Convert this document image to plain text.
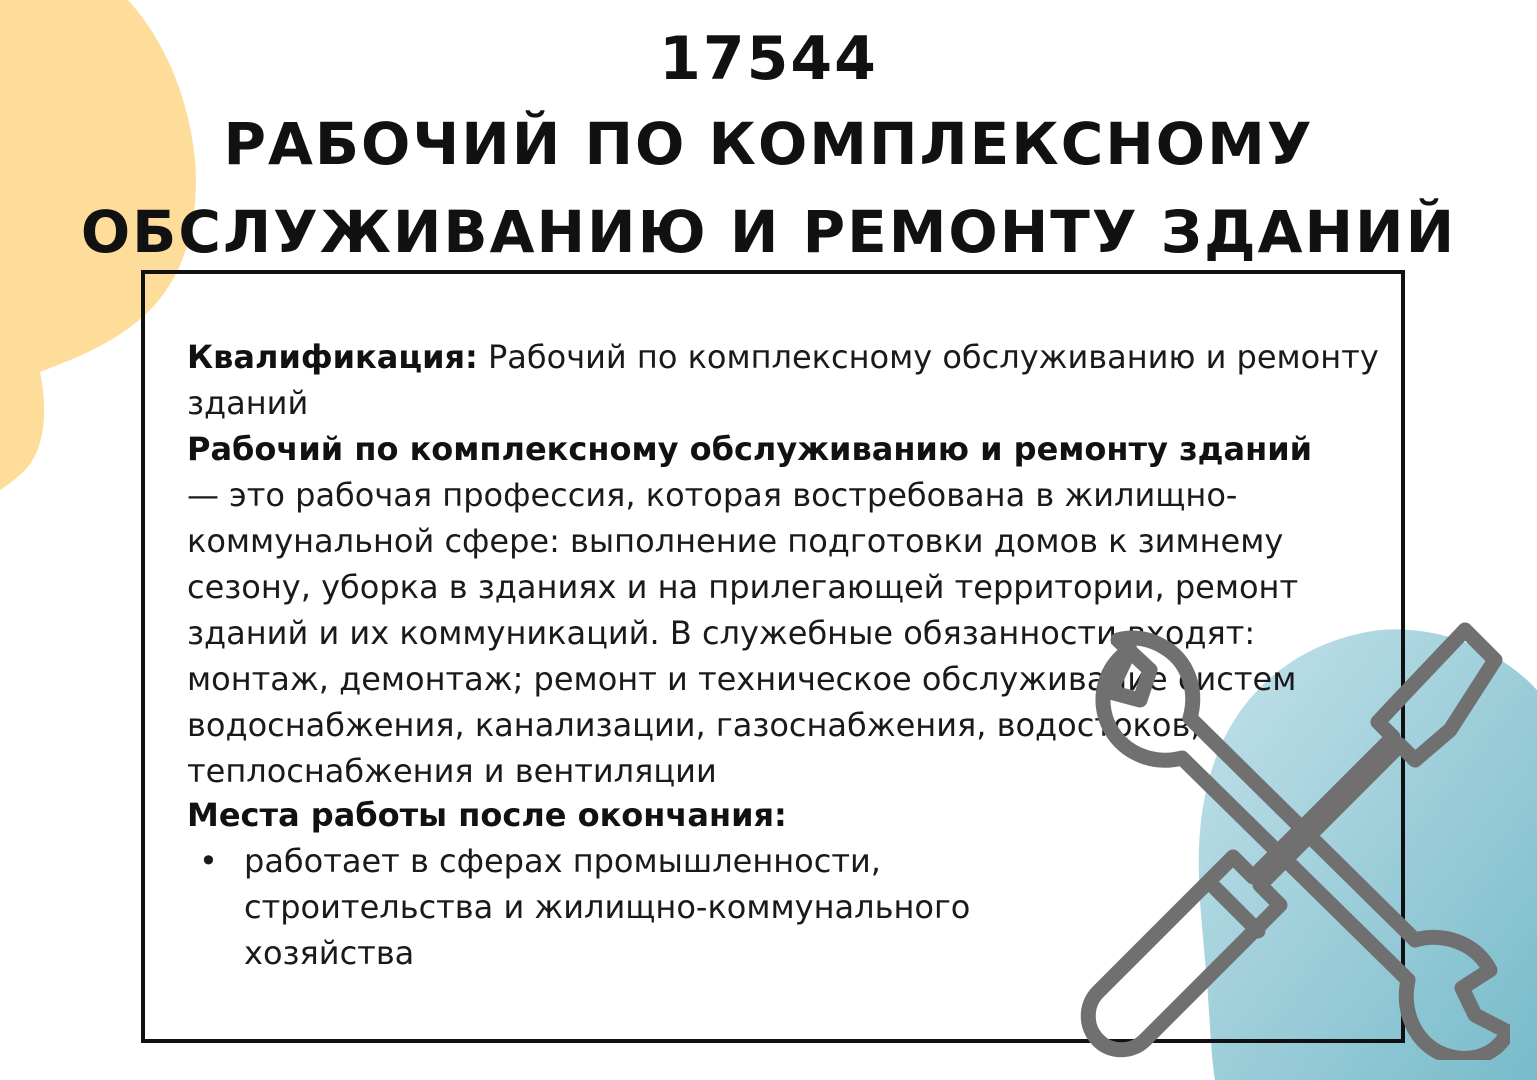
17544
РАБОЧИЙ ПО КОМПЛЕКСНОМУ
ОБСЛУЖИВАНИЮ И РЕМОНТУ ЗДАНИЙ

Квалификация: Рабочий по комплексному обслуживанию и ремонту зданий

Рабочий по комплексному обслуживанию и ремонту зданий — это рабочая профессия, которая востребована в жилищно-коммунальной сфере: выполнение подготовки домов к зимнему сезону, уборка в зданиях и на прилегающей территории, ремонт зданий и их коммуникаций. В служебные обязанности входят: монтаж, демонтаж; ремонт и техническое обслуживание систем водоснабжения, канализации, газоснабжения, водостоков, теплоснабжения и вентиляции

Места работы после окончания:

• работает в сферах промышленности, строительства и жилищно-коммунального хозяйства
